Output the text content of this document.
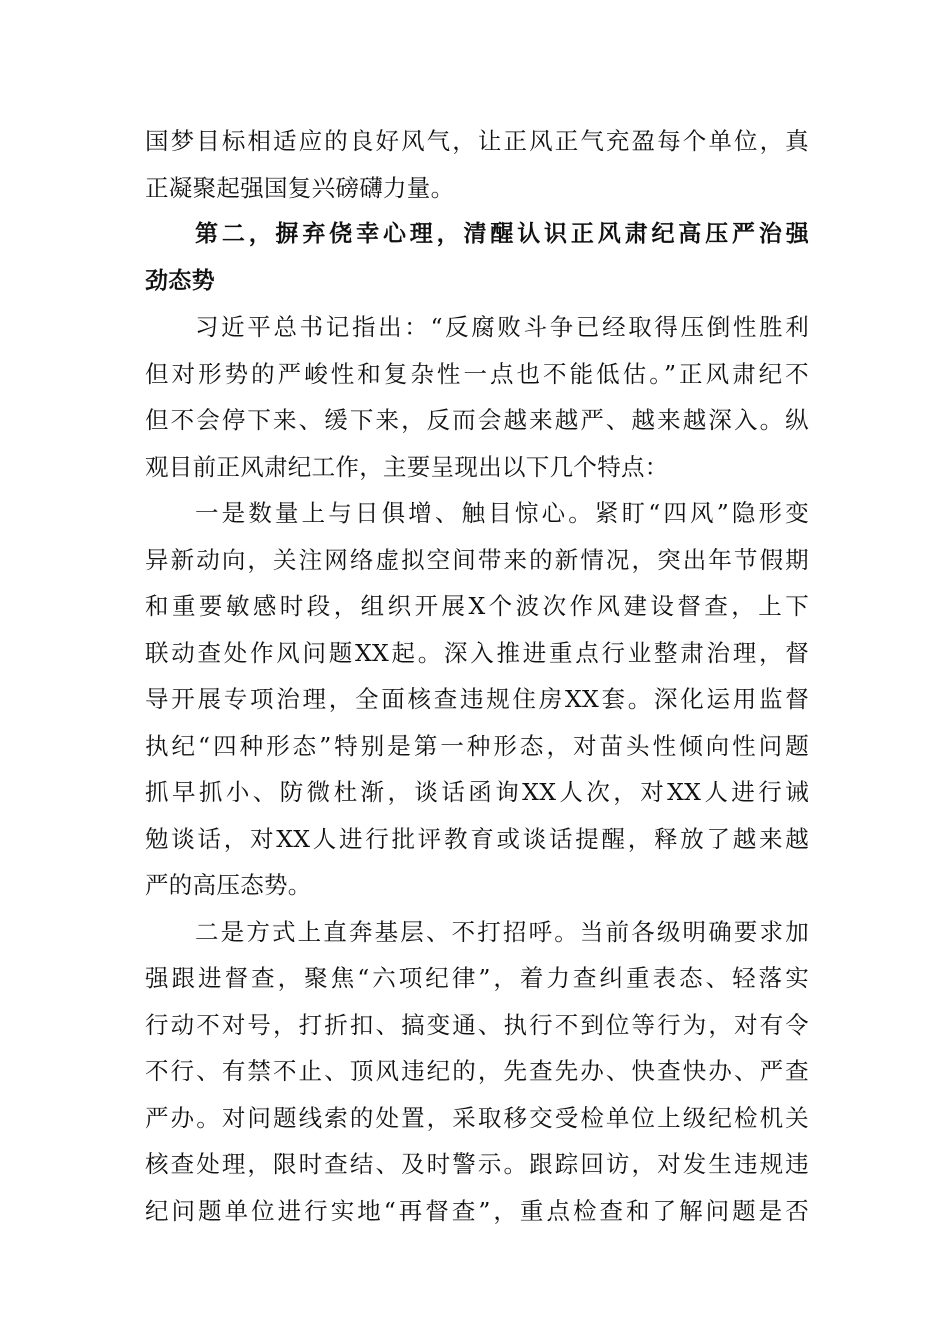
国梦目标相适应的良好风气，让正风正气充盈每个单位，真
正凝聚起强国复兴磅礴力量。
第二，摒弃侥幸心理，清醒认识正风肃纪高压严治强
劲态势
习近平总书记指出：“反腐败斗争已经取得压倒性胜利
但对形势的严峻性和复杂性一点也不能低估。”正风肃纪不
但不会停下来、缓下来，反而会越来越严、越来越深入。纵
观目前正风肃纪工作，主要呈现出以下几个特点：
一是数量上与日俱增、触目惊心。紧盯“四风”隐形变
异新动向，关注网络虚拟空间带来的新情况，突出年节假期
和重要敏感时段，组织开展X个波次作风建设督查，上下
联动查处作风问题XX起。深入推进重点行业整肃治理，督
导开展专项治理，全面核查违规住房XX套。深化运用监督
执纪“四种形态”特别是第一种形态，对苗头性倾向性问题
抓早抓小、防微杜渐，谈话函询XX人次，对XX人进行诫
勉谈话，对XX人进行批评教育或谈话提醒，释放了越来越
严的高压态势。
二是方式上直奔基层、不打招呼。当前各级明确要求加
强跟进督查，聚焦“六项纪律”，着力查纠重表态、轻落实
行动不对号，打折扣、搞变通、执行不到位等行为，对有令
不行、有禁不止、顶风违纪的，先查先办、快查快办、严查
严办。对问题线索的处置，采取移交受检单位上级纪检机关
核查处理，限时查结、及时警示。跟踪回访，对发生违规违
纪问题单位进行实地“再督查”，重点检查和了解问题是否
